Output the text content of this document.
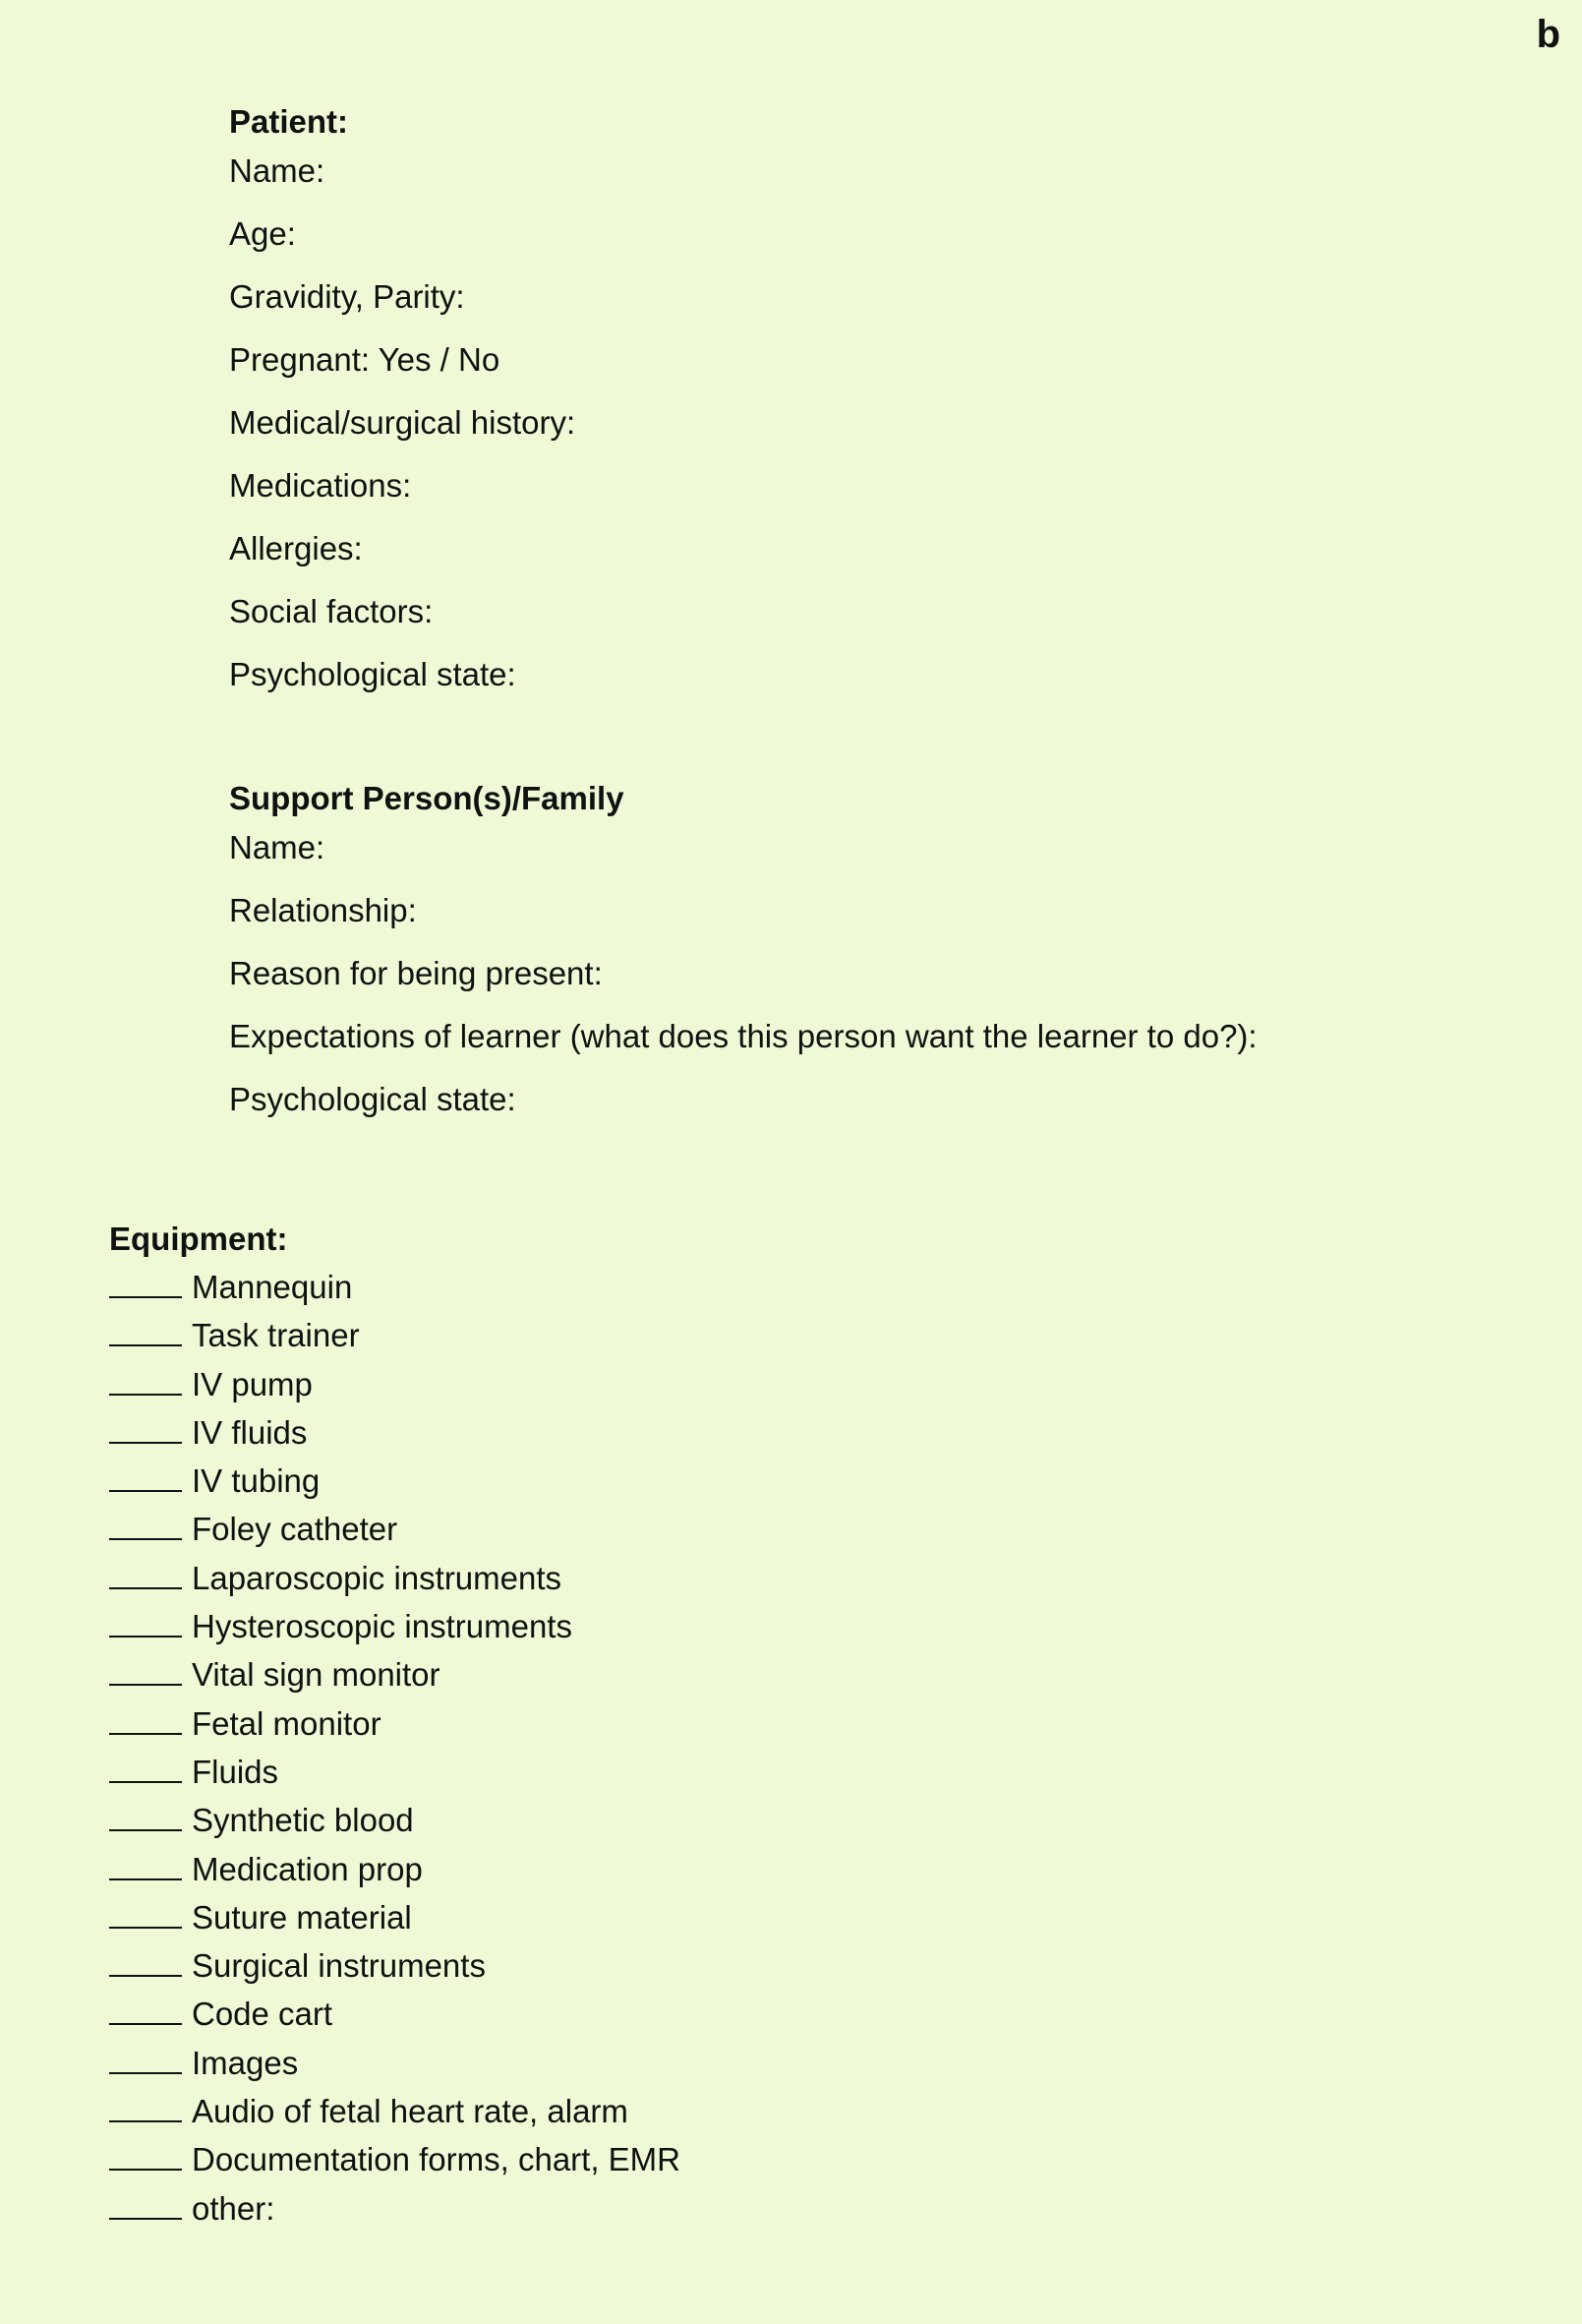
b
Patient:
Name:
Age:
Gravidity, Parity:
Pregnant: Yes / No
Medical/surgical history:
Medications:
Allergies:
Social factors:
Psychological state:
Support Person(s)/Family
Name:
Relationship:
Reason for being present:
Expectations of learner (what does this person want the learner to do?):
Psychological state:
Equipment:
Mannequin
Task trainer
IV pump
IV fluids
IV tubing
Foley catheter
Laparoscopic instruments
Hysteroscopic instruments
Vital sign monitor
Fetal monitor
Fluids
Synthetic blood
Medication prop
Suture material
Surgical instruments
Code cart
Images
Audio of fetal heart rate, alarm
Documentation forms, chart, EMR
other:
